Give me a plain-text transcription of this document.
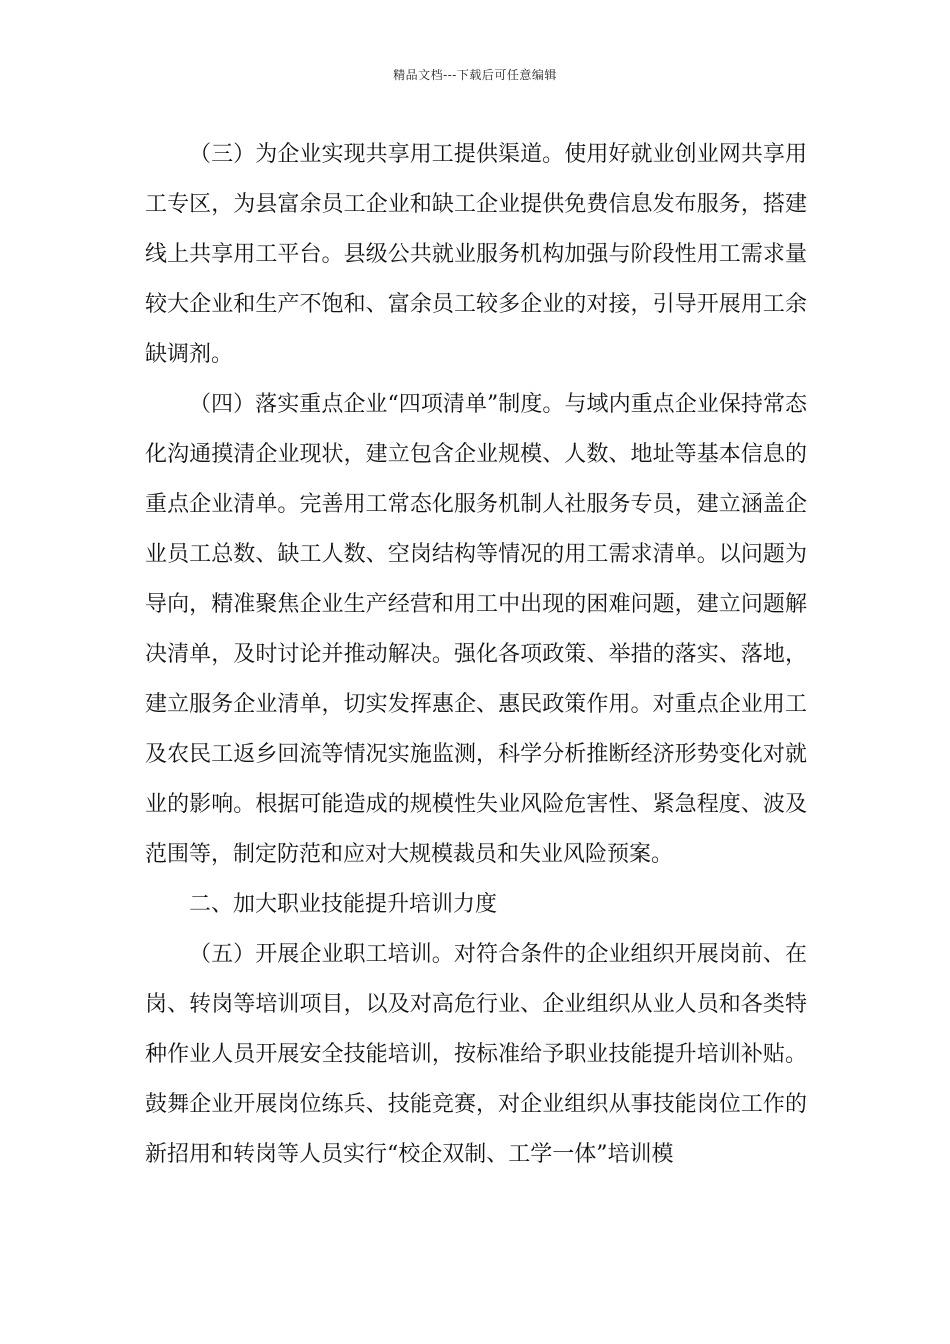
精品文档---下载后可任意编辑

（三）为企业实现共享用工提供渠道。使用好就业创业网共享用工专区，为县富余员工企业和缺工企业提供免费信息发布服务，搭建线上共享用工平台。县级公共就业服务机构加强与阶段性用工需求量较大企业和生产不饱和、富余员工较多企业的对接，引导开展用工余缺调剂。

（四）落实重点企业“四项清单”制度。与域内重点企业保持常态化沟通摸清企业现状，建立包含企业规模、人数、地址等基本信息的重点企业清单。完善用工常态化服务机制人社服务专员，建立涵盖企业员工总数、缺工人数、空岗结构等情况的用工需求清单。以问题为导向，精准聚焦企业生产经营和用工中出现的困难问题，建立问题解决清单，及时讨论并推动解决。强化各项政策、举措的落实、落地，建立服务企业清单，切实发挥惠企、惠民政策作用。对重点企业用工及农民工返乡回流等情况实施监测，科学分析推断经济形势变化对就业的影响。根据可能造成的规模性失业风险危害性、紧急程度、波及范围等，制定防范和应对大规模裁员和失业风险预案。

二、加大职业技能提升培训力度

（五）开展企业职工培训。对符合条件的企业组织开展岗前、在岗、转岗等培训项目，以及对高危行业、企业组织从业人员和各类特种作业人员开展安全技能培训，按标准给予职业技能提升培训补贴。鼓舞企业开展岗位练兵、技能竞赛，对企业组织从事技能岗位工作的新招用和转岗等人员实行“校企双制、工学一体”培训模
